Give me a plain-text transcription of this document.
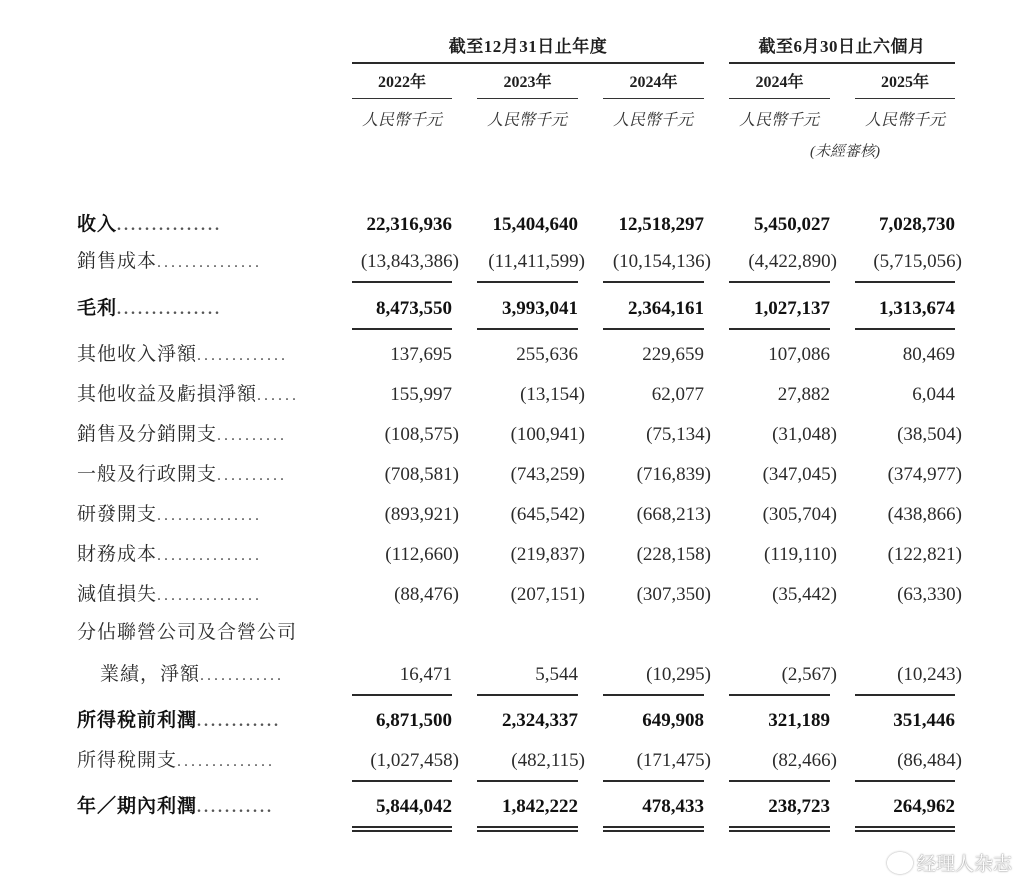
截至12月31日止年度	截至6月30日止六個月
2022年	2023年	2024年	2024年	2025年
人民幣千元	人民幣千元	人民幣千元	人民幣千元	人民幣千元
(未經審核)
收入...............	22,316,936	15,404,640	12,518,297	5,450,027	7,028,730
銷售成本...............	(13,843,386)	(11,411,599)	(10,154,136)	(4,422,890)	(5,715,056)
毛利...............	8,473,550	3,993,041	2,364,161	1,027,137	1,313,674
其他收入淨額.............	137,695	255,636	229,659	107,086	80,469
其他收益及虧損淨額......	155,997	(13,154)	62,077	27,882	6,044
銷售及分銷開支..........	(108,575)	(100,941)	(75,134)	(31,048)	(38,504)
一般及行政開支..........	(708,581)	(743,259)	(716,839)	(347,045)	(374,977)
研發開支...............	(893,921)	(645,542)	(668,213)	(305,704)	(438,866)
財務成本...............	(112,660)	(219,837)	(228,158)	(119,110)	(122,821)
減值損失...............	(88,476)	(207,151)	(307,350)	(35,442)	(63,330)
分佔聯營公司及合營公司
業績，淨額............	16,471	5,544	(10,295)	(2,567)	(10,243)
所得稅前利潤............	6,871,500	2,324,337	649,908	321,189	351,446
所得稅開支..............	(1,027,458)	(482,115)	(171,475)	(82,466)	(86,484)
年／期內利潤...........	5,844,042	1,842,222	478,433	238,723	264,962
经理人杂志
